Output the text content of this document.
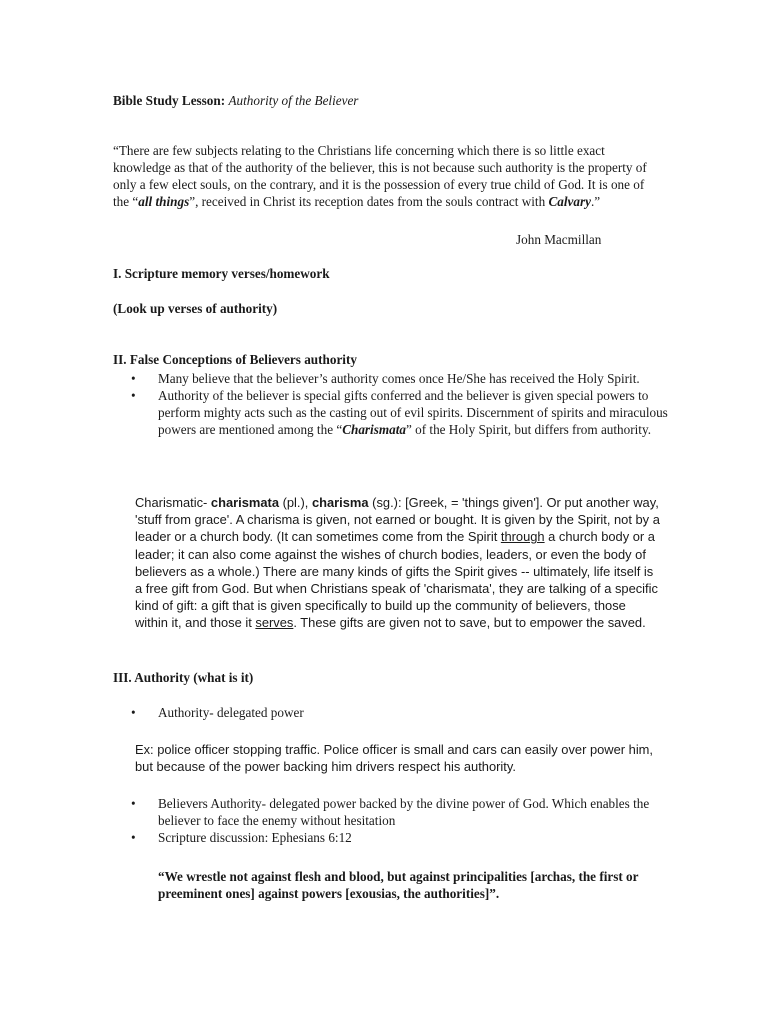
Bible Study Lesson: Authority of the Believer

“There are few subjects relating to the Christians life concerning which there is so little exact knowledge as that of the authority of the believer, this is not because such authority is the property of only a few elect souls, on the contrary, and it is the possession of every true child of God. It is one of the “all things”, received in Christ its reception dates from the souls contract with Calvary.”

John Macmillan
I. Scripture memory verses/homework
(Look up verses of authority)
II. False Conceptions of Believers authority
• Many believe that the believer’s authority comes once He/She has received the Holy Spirit.
• Authority of the believer is special gifts conferred and the believer is given special powers to perform mighty acts such as the casting out of evil spirits. Discernment of spirits and miraculous powers are mentioned among the “Charismata” of the Holy Spirit, but differs from authority.
Charismatic- charismata (pl.), charisma (sg.): [Greek, = 'things given']. Or put another way, 'stuff from grace'. A charisma is given, not earned or bought. It is given by the Spirit, not by a leader or a church body. (It can sometimes come from the Spirit through a church body or a leader; it can also come against the wishes of church bodies, leaders, or even the body of believers as a whole.) There are many kinds of gifts the Spirit gives -- ultimately, life itself is a free gift from God. But when Christians speak of 'charismata', they are talking of a specific kind of gift: a gift that is given specifically to build up the community of believers, those within it, and those it serves. These gifts are given not to save, but to empower the saved.
III. Authority (what is it)
• Authority- delegated power
Ex: police officer stopping traffic. Police officer is small and cars can easily over power him, but because of the power backing him drivers respect his authority.
• Believers Authority- delegated power backed by the divine power of God. Which enables the believer to face the enemy without hesitation
• Scripture discussion: Ephesians 6:12
“We wrestle not against flesh and blood, but against principalities [archas, the first or preeminent ones] against powers [exousias, the authorities]”.
